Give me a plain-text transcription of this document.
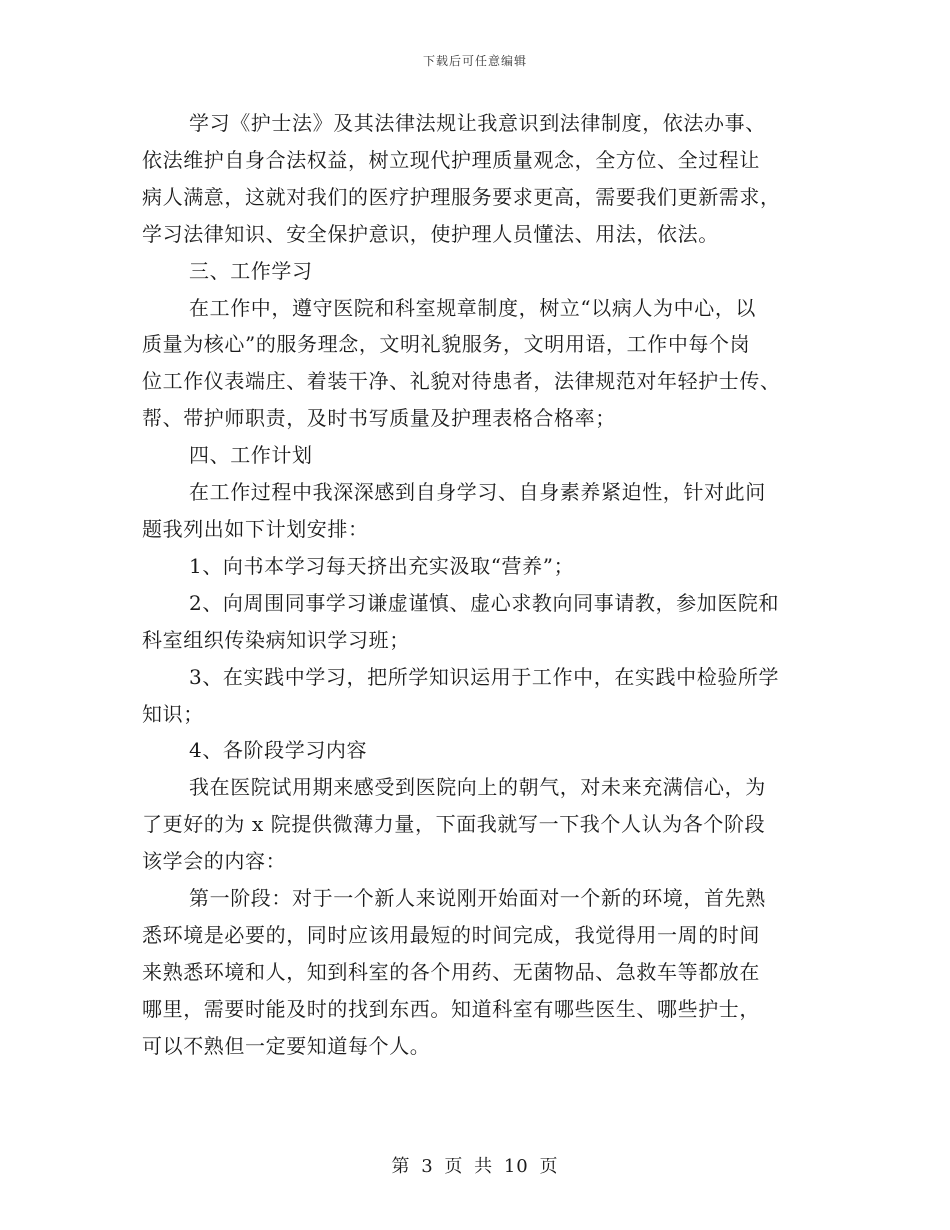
下载后可任意编辑

学习《护士法》及其法律法规让我意识到法律制度，依法办事、
依法维护自身合法权益，树立现代护理质量观念，全方位、全过程让
病人满意，这就对我们的医疗护理服务要求更高，需要我们更新需求，
学习法律知识、安全保护意识，使护理人员懂法、用法，依法。

三、工作学习

在工作中，遵守医院和科室规章制度，树立“以病人为中心，以
质量为核心”的服务理念，文明礼貌服务，文明用语，工作中每个岗
位工作仪表端庄、着装干净、礼貌对待患者，法律规范对年轻护士传、
帮、带护师职责，及时书写质量及护理表格合格率；

四、工作计划

在工作过程中我深深感到自身学习、自身素养紧迫性，针对此问
题我列出如下计划安排：

1、向书本学习每天挤出充实汲取“营养”；

2、向周围同事学习谦虚谨慎、虚心求教向同事请教，参加医院和
科室组织传染病知识学习班；

3、在实践中学习，把所学知识运用于工作中，在实践中检验所学
知识；

4、各阶段学习内容

我在医院试用期来感受到医院向上的朝气，对未来充满信心，为
了更好的为 x 院提供微薄力量，下面我就写一下我个人认为各个阶段
该学会的内容：

第一阶段：对于一个新人来说刚开始面对一个新的环境，首先熟
悉环境是必要的，同时应该用最短的时间完成，我觉得用一周的时间
来熟悉环境和人，知到科室的各个用药、无菌物品、急救车等都放在
哪里，需要时能及时的找到东西。知道科室有哪些医生、哪些护士，
可以不熟但一定要知道每个人。

第 3 页 共 10 页
